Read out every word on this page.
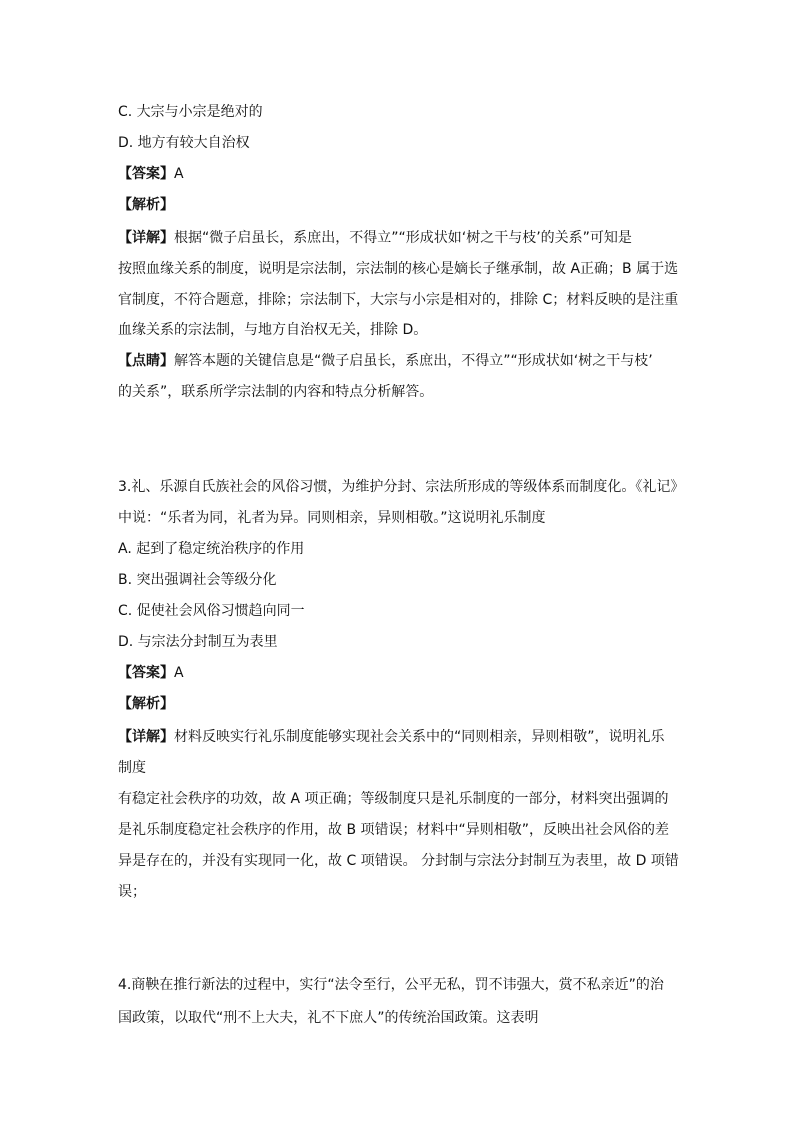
C. 大宗与小宗是绝对的
D. 地方有较大自治权
【答案】A
【解析】
【详解】根据“微子启虽长，系庶出，不得立”“形成状如‘树之干与枝’的关系”可知是
按照血缘关系的制度，说明是宗法制，宗法制的核心是嫡长子继承制，故 A正确；B 属于选
官制度，不符合题意，排除；宗法制下，大宗与小宗是相对的，排除 C；材料反映的是注重
血缘关系的宗法制，与地方自治权无关，排除 D。
【点睛】解答本题的关键信息是“微子启虽长，系庶出，不得立”“形成状如‘树之干与枝’
的关系”，联系所学宗法制的内容和特点分析解答。
3.礼、乐源自氏族社会的风俗习惯，为维护分封、宗法所形成的等级体系而制度化。《礼记》
中说：“乐者为同，礼者为异。同则相亲，异则相敬。”这说明礼乐制度
A. 起到了稳定统治秩序的作用
B. 突出强调社会等级分化
C. 促使社会风俗习惯趋向同一
D. 与宗法分封制互为表里
【答案】A
【解析】
【详解】材料反映实行礼乐制度能够实现社会关系中的“同则相亲，异则相敬”，说明礼乐
制度
有稳定社会秩序的功效，故 A 项正确；等级制度只是礼乐制度的一部分，材料突出强调的
是礼乐制度稳定社会秩序的作用，故 B 项错误；材料中“异则相敬”，反映出社会风俗的差
异是存在的，并没有实现同一化，故 C 项错误。 分封制与宗法分封制互为表里，故 D 项错
误；
4.商鞅在推行新法的过程中，实行“法令至行，公平无私，罚不讳强大，赏不私亲近”的治
国政策，以取代“刑不上大夫，礼不下庶人”的传统治国政策。这表明
